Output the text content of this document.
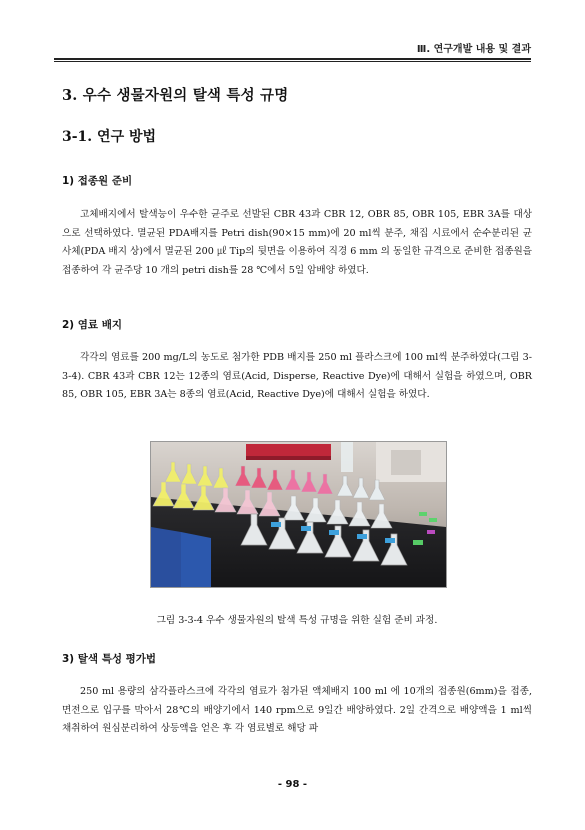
Ⅲ. 연구개발 내용 및 결과
3. 우수 생물자원의 탈색 특성 규명
3-1. 연구 방법
1) 접종원 준비
고체배지에서 탈색능이 우수한 균주로 선발된 CBR 43과 CBR 12, OBR 85, OBR 105, EBR 3A를 대상으로 선택하였다. 멸균된 PDA배지를 Petri dish(90×15 mm)에 20 ml씩 분주, 채집 시료에서 순수분리된 균사체(PDA 배지 상)에서 멸균된 200 ㎕ Tip의 뒷면을 이용하여 직경 6 mm 의 동일한 규격으로 준비한 접종원을 접종하여 각 균주당 10 개의 petri dish를 28 ℃에서 5일 암배양 하였다.
2) 염료 배지
각각의 염료를 200 mg/L의 농도로 첨가한 PDB 배지를 250 ml 플라스크에 100 ml씩 분주하였다(그림 3-3-4). CBR 43과 CBR 12는 12종의 염료(Acid, Disperse, Reactive Dye)에 대해서 실험을 하였으며, OBR 85, OBR 105, EBR 3A는 8종의 염료(Acid, Reactive Dye)에 대해서 실험을 하였다.
그림 3-3-4 우수 생물자원의 탈색 특성 규명을 위한 실험 준비 과정.
3) 탈색 특성 평가법
250 ml 용량의 삼각플라스크에 각각의 염료가 첨가된 액체배지 100 ml 에 10개의 접종원(6mm)을 접종, 면전으로 입구를 막아서 28℃의 배양기에서 140 rpm으로 9일간 배양하였다. 2일 간격으로 배양액을 1 ml씩 채취하여 원심분리하여 상등액을 얻은 후 각 염료별로 해당 파
- 98 -
